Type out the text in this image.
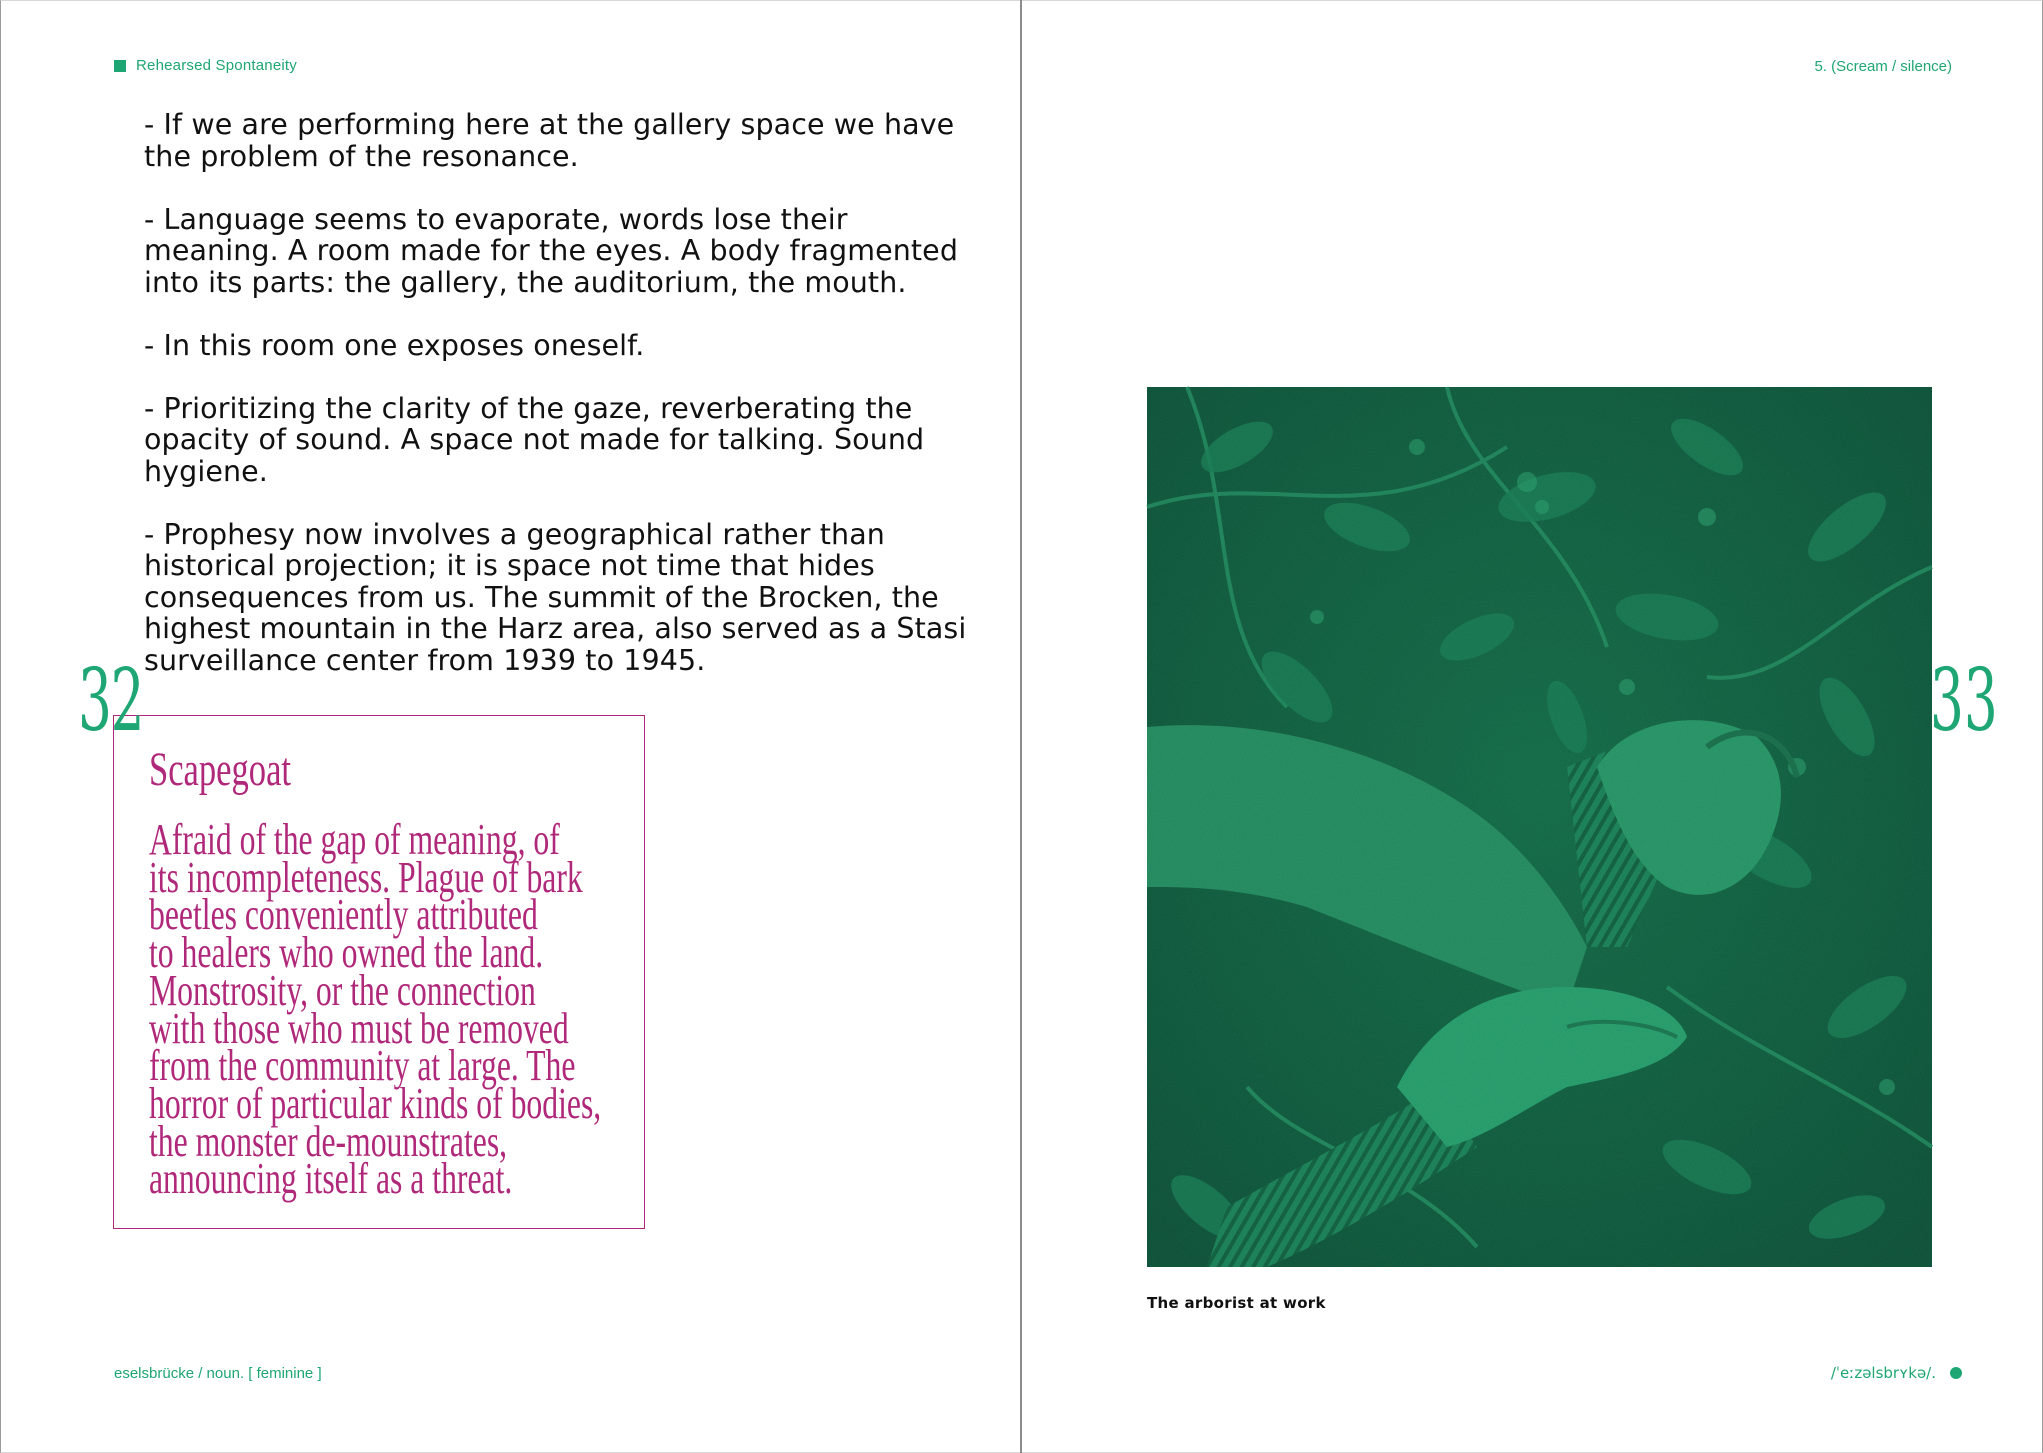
Rehearsed Spontaneity

- If we are performing here at the gallery space we have
the problem of the resonance.

- Language seems to evaporate, words lose their
meaning. A room made for the eyes. A body fragmented
into its parts: the gallery, the auditorium, the mouth.

- In this room one exposes oneself.

- Prioritizing the clarity of the gaze, reverberating the
opacity of sound. A space not made for talking. Sound
hygiene.

- Prophesy now involves a geographical rather than
historical projection; it is space not time that hides
consequences from us. The summit of the Brocken, the
highest mountain in the Harz area, also served as a Stasi
surveillance center from 1939 to 1945.

Scapegoat
Afraid of the gap of meaning, of
its incompleteness. Plague of bark
beetles conveniently attributed
to healers who owned the land.
Monstrosity, or the connection
with those who must be removed
from the community at large. The
horror of particular kinds of bodies,
the monster de-mounstrates,
announcing itself as a threat.
eselsbrücke / noun. [ feminine ]
5. (Scream / silence)
/ˈeːzəlsbrʏkə/.
32
The arborist at work
